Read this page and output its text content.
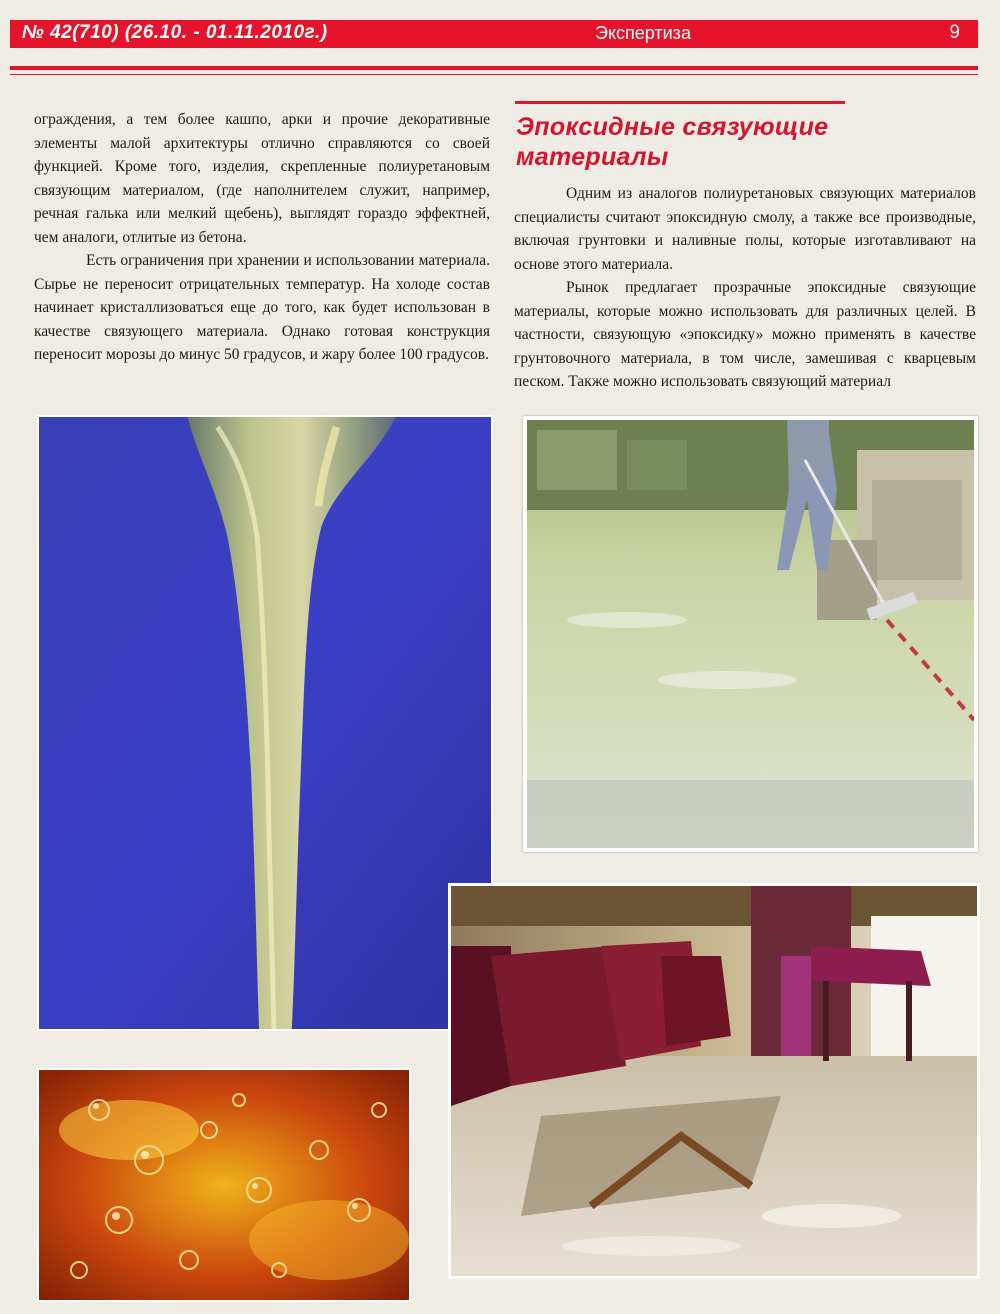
№ 42(710) (26.10. - 01.11.2010г.)	Экспертиза	9

ограждения, а тем более кашпо, арки и прочие декоративные элементы малой архитектуры отлично справляются со своей функцией. Кроме того, изделия, скрепленные полиуретановым связующим материалом, (где наполнителем служит, например, речная галька или мелкий щебень), выглядят гораздо эффектней, чем аналоги, отлитые из бетона.

Есть ограничения при хранении и использовании материала. Сырье не переносит отрицательных температур. На холоде состав начинает кристаллизоваться еще до того, как будет использован в качестве связующего материала. Однако готовая конструкция переносит морозы до минус 50 градусов, и жару более 100 градусов.

Эпоксидные связующие
материалы

Одним из аналогов полиуретановых связующих материалов специалисты считают эпоксидную смолу, а также все производные, включая грунтовки и наливные полы, которые изготавливают на основе этого материала.

Рынок предлагает прозрачные эпоксидные связующие материалы, которые можно использовать для различных целей. В частности, связующую «эпоксидку» можно применять в качестве грунтовочного материала, в том числе, замешивая с кварцевым песком. Также можно использовать связующий материал
